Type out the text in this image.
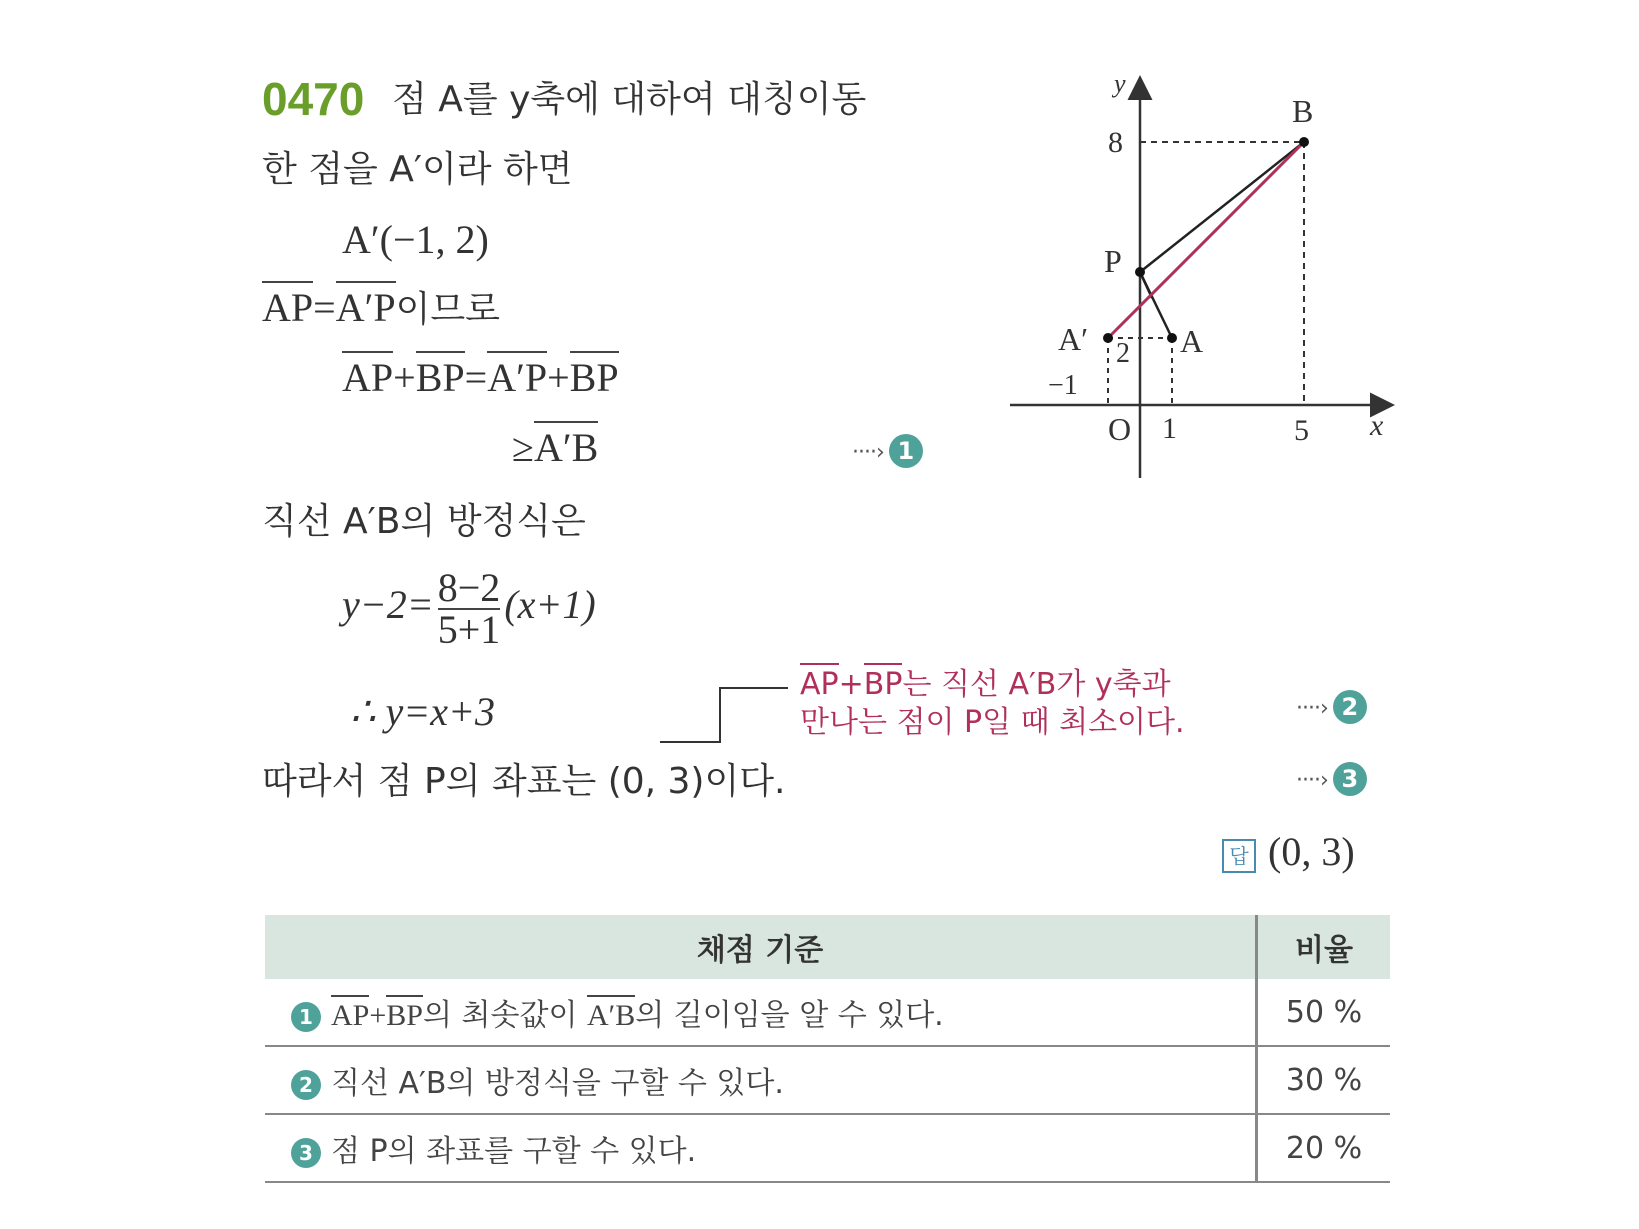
0470 점 A를 y축에 대하여 대칭이동
한 점을 A′이라 하면
A′(−1, 2)
AP=A′P이므로
AP+BP=A′P+BP
≥A′B	····› 1
직선 A′B의 방정식은
$y-2= \frac{8-2}{5+1} (x+1)$
∴ y=x+3
AP+BP는 직선 A′B가 y축과
만나는 점이 P일 때 최소이다.	····› 2
따라서 점 P의 좌표는 (0, 3)이다.	····› 3
답 (0, 3)
y
x
O
8
2
−1
1	5
B
P
A′	A
채점 기준	비율
1 AP+BP의 최솟값이 A′B의 길이임을 알 수 있다.	50 %
2 직선 A′B의 방정식을 구할 수 있다.	30 %
3 점 P의 좌표를 구할 수 있다.	20 %
